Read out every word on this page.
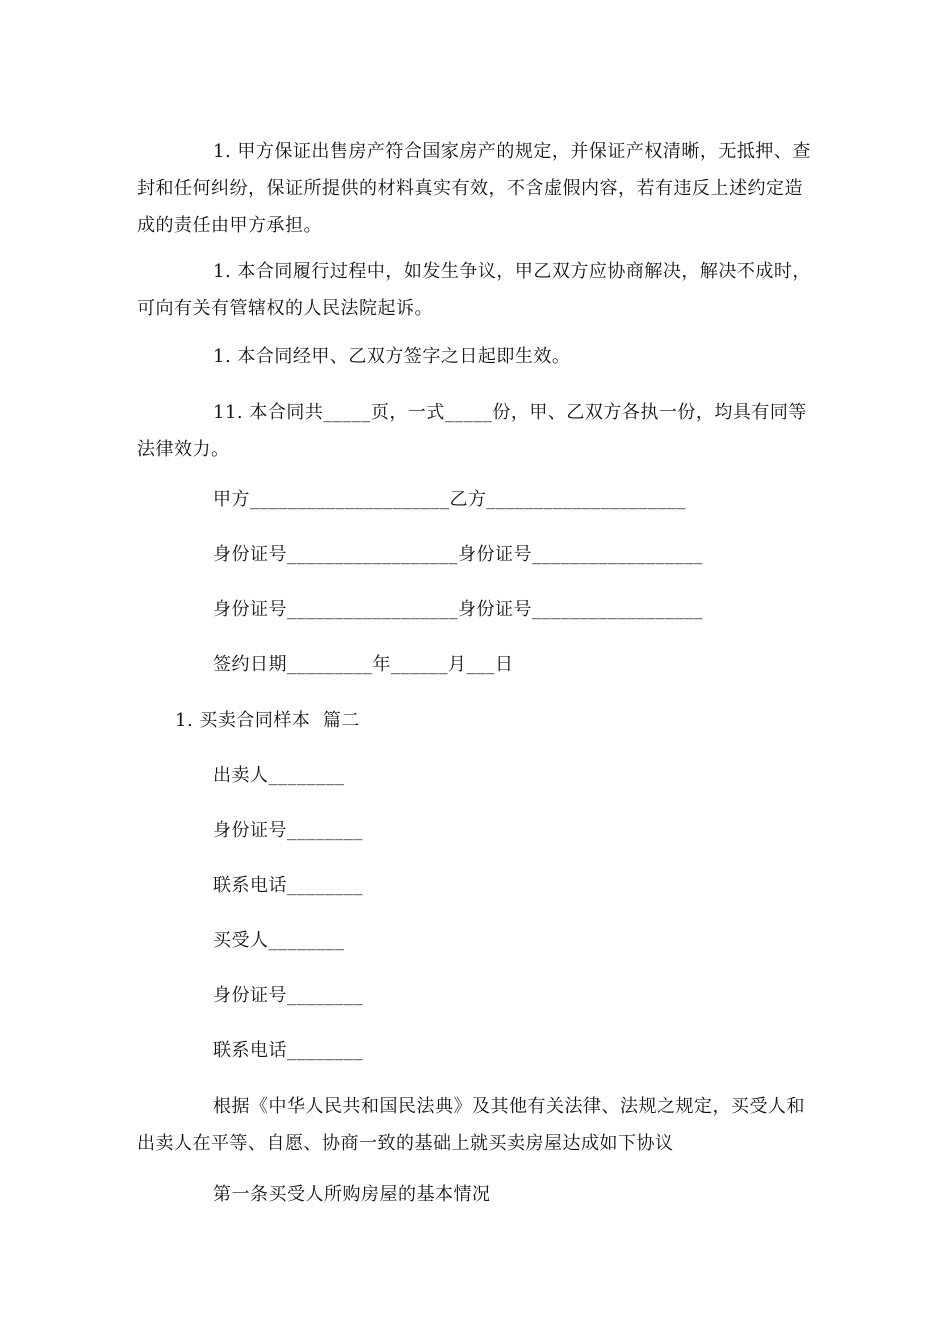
1. 甲方保证出售房产符合国家房产的规定，并保证产权清晰，无抵押、查封和任何纠纷，保证所提供的材料真实有效，不含虚假内容，若有违反上述约定造成的责任由甲方承担。

1. 本合同履行过程中，如发生争议，甲乙双方应协商解决，解决不成时，可向有关有管辖权的人民法院起诉。

1. 本合同经甲、乙双方签字之日起即生效。

11. 本合同共_____页，一式_____份，甲、乙双方各执一份，均具有同等法律效力。

甲方_____________________乙方_____________________

身份证号__________________身份证号__________________

身份证号__________________身份证号__________________

签约日期_________年______月___日

1. 买卖合同样本  篇二

出卖人________

身份证号________

联系电话________

买受人________

身份证号________

联系电话________

根据《中华人民共和国民法典》及其他有关法律、法规之规定，买受人和出卖人在平等、自愿、协商一致的基础上就买卖房屋达成如下协议

第一条买受人所购房屋的基本情况
